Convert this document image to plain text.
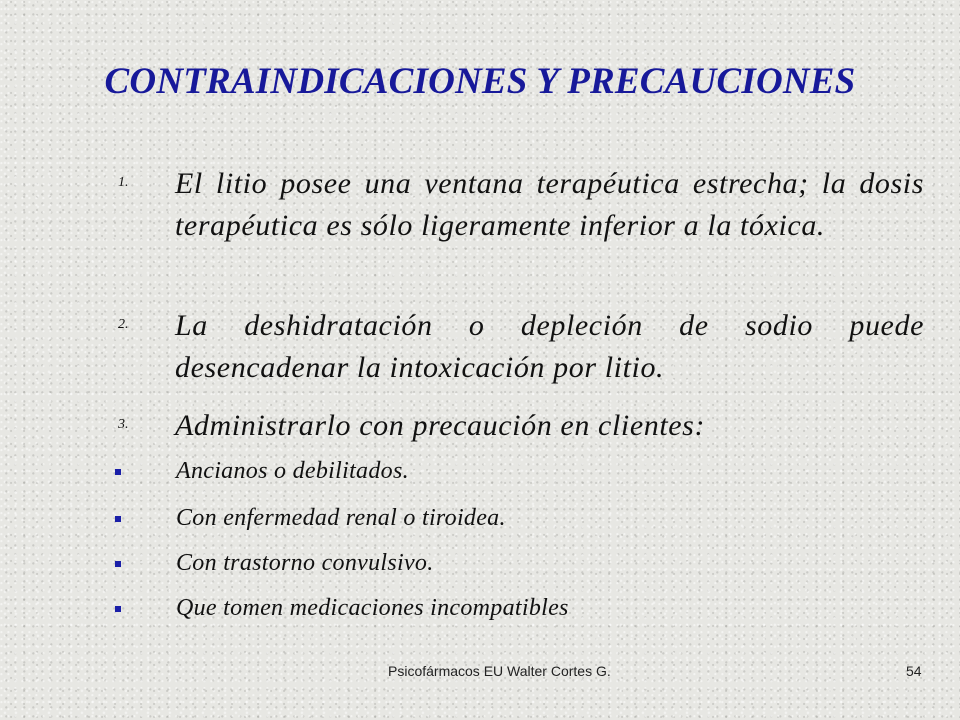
CONTRAINDICACIONES Y PRECAUCIONES
1.	El litio posee una ventana terapéutica estrecha; la dosis terapéutica es sólo ligeramente inferior a la tóxica.
2.	La deshidratación o depleción de sodio puede desencadenar la intoxicación por litio.
3.	Administrarlo con precaución en clientes:
Ancianos o debilitados.
Con enfermedad renal o tiroidea.
Con trastorno convulsivo.
Que tomen medicaciones incompatibles
Psicofármacos EU Walter Cortes G.	54
